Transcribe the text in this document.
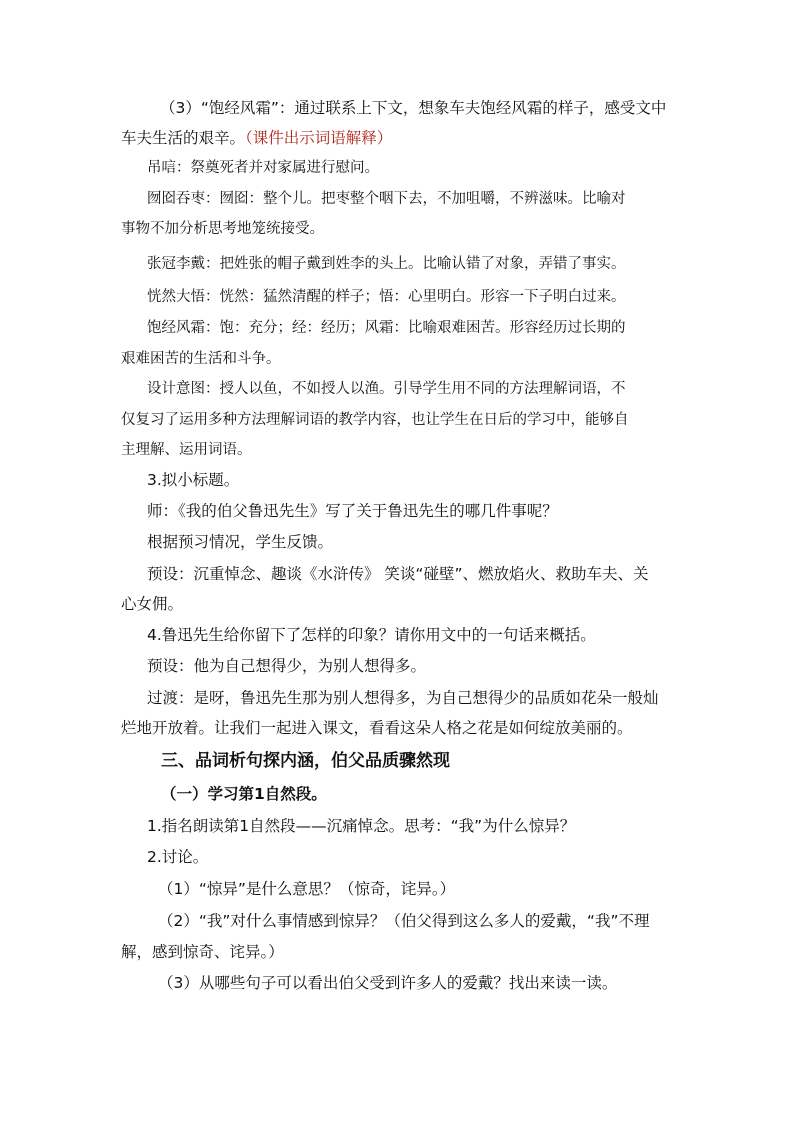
（3）“饱经风霜”：通过联系上下文，想象车夫饱经风霜的样子，感受文中
车夫生活的艰辛。（课件出示词语解释）
吊唁：祭奠死者并对家属进行慰问。
囫囵吞枣：囫囵：整个儿。把枣整个咽下去，不加咀嚼，不辨滋味。比喻对
事物不加分析思考地笼统接受。
张冠李戴：把姓张的帽子戴到姓李的头上。比喻认错了对象，弄错了事实。
恍然大悟：恍然：猛然清醒的样子；悟：心里明白。形容一下子明白过来。
饱经风霜：饱：充分；经：经历；风霜：比喻艰难困苦。形容经历过长期的
艰难困苦的生活和斗争。
设计意图：授人以鱼，不如授人以渔。引导学生用不同的方法理解词语，不
仅复习了运用多种方法理解词语的教学内容，也让学生在日后的学习中，能够自
主理解、运用词语。
3.拟小标题。
师：《我的伯父鲁迅先生》写了关于鲁迅先生的哪几件事呢？
根据预习情况，学生反馈。
预设：沉重悼念、趣谈《水浒传》 笑谈“碰壁”、燃放焰火、救助车夫、关
心女佣。
4.鲁迅先生给你留下了怎样的印象？请你用文中的一句话来概括。
预设：他为自己想得少，为别人想得多。
过渡：是呀，鲁迅先生那为别人想得多，为自己想得少的品质如花朵一般灿
烂地开放着。让我们一起进入课文，看看这朵人格之花是如何绽放美丽的。
三、品词析句探内涵，伯父品质骤然现
（一）学习第1自然段。
1.指名朗读第1自然段——沉痛悼念。思考：“我”为什么惊异？
2.讨论。
（1）“惊异”是什么意思？（惊奇，诧异。）
（2）“我”对什么事情感到惊异？（伯父得到这么多人的爱戴，“我”不理
解，感到惊奇、诧异。）
（3）从哪些句子可以看出伯父受到许多人的爱戴？找出来读一读。
